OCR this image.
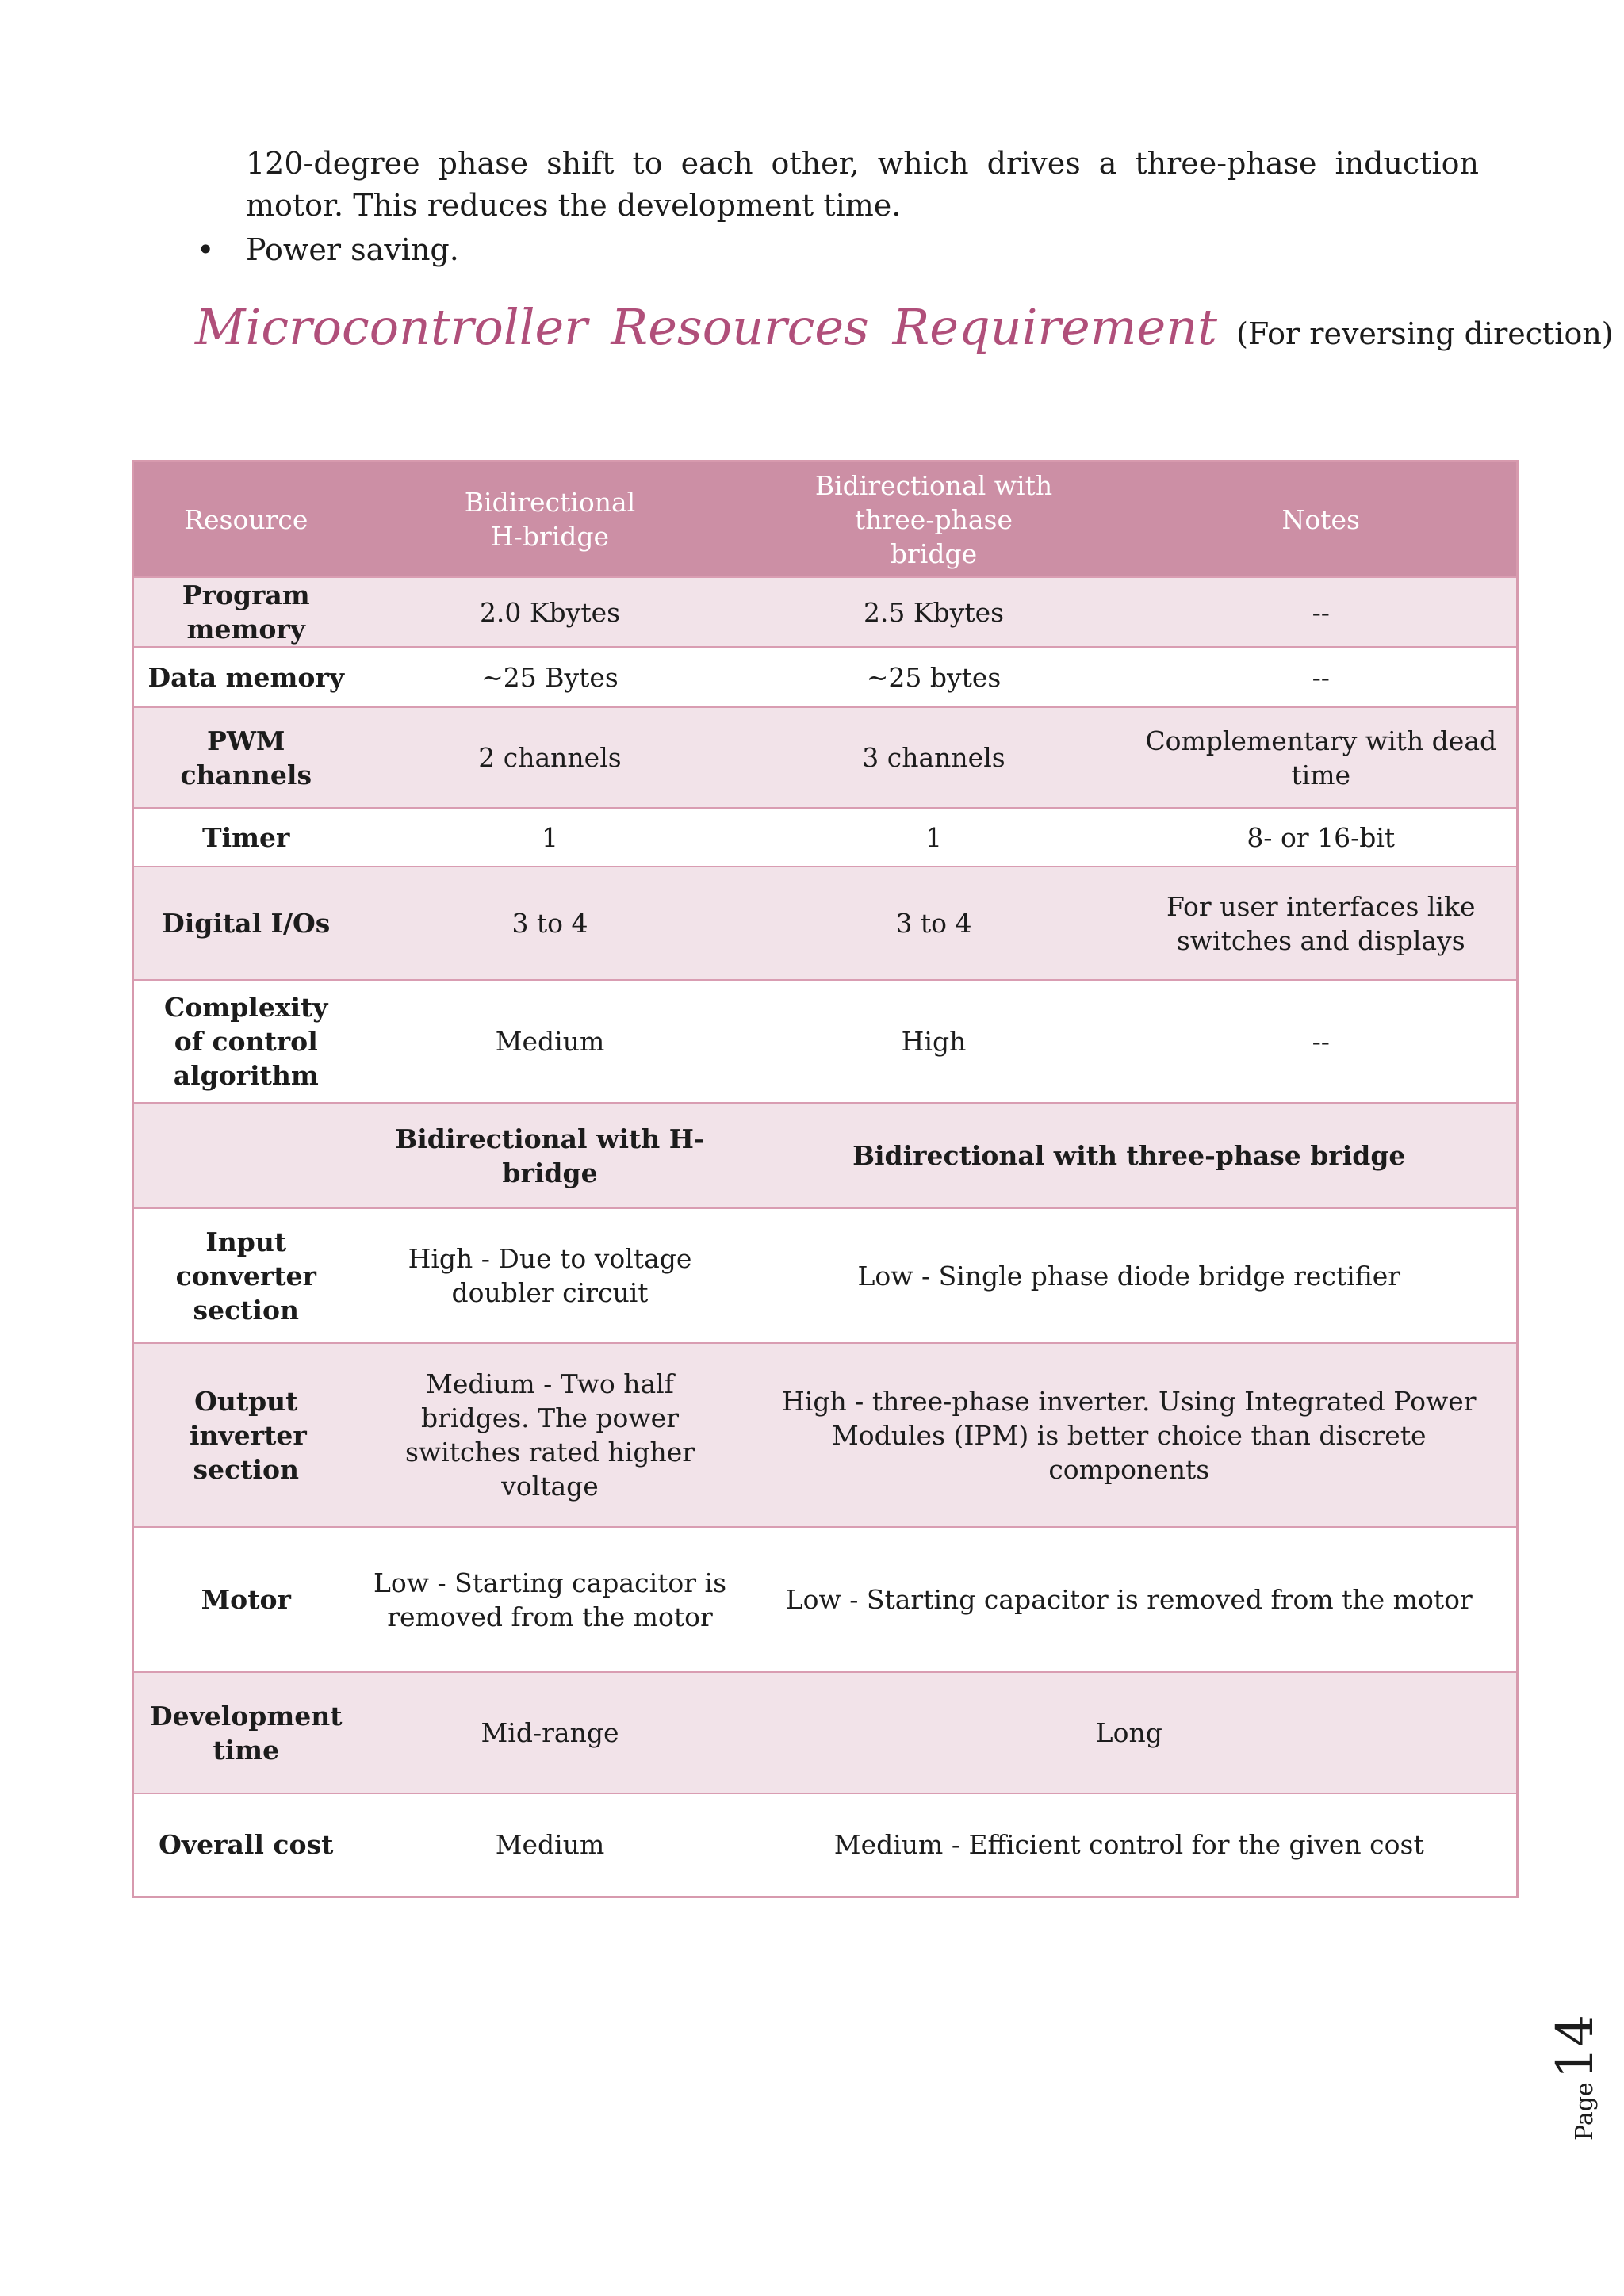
120-degree phase shift to each other, which drives a three-phase induction motor. This reduces the development time.
• Power saving.
Microcontroller Resources Requirement (For reversing direction)
Resource	Bidirectional H-bridge	Bidirectional with three-phase bridge	Notes
Program memory	2.0 Kbytes	2.5 Kbytes	--
Data memory	~25 Bytes	~25 bytes	--
PWM channels	2 channels	3 channels	Complementary with dead time
Timer	1	1	8- or 16-bit
Digital I/Os	3 to 4	3 to 4	For user interfaces like switches and displays
Complexity of control algorithm	Medium	High	--
	Bidirectional with H-bridge	Bidirectional with three-phase bridge	
Input converter section	High - Due to voltage doubler circuit	Low - Single phase diode bridge rectifier	
Output inverter section	Medium - Two half bridges. The power switches rated higher voltage	High - three-phase inverter. Using Integrated Power Modules (IPM) is better choice than discrete components	
Motor	Low - Starting capacitor is removed from the motor	Low - Starting capacitor is removed from the motor	
Development time	Mid-range	Long	
Overall cost	Medium	Medium - Efficient control for the given cost	
Page14
